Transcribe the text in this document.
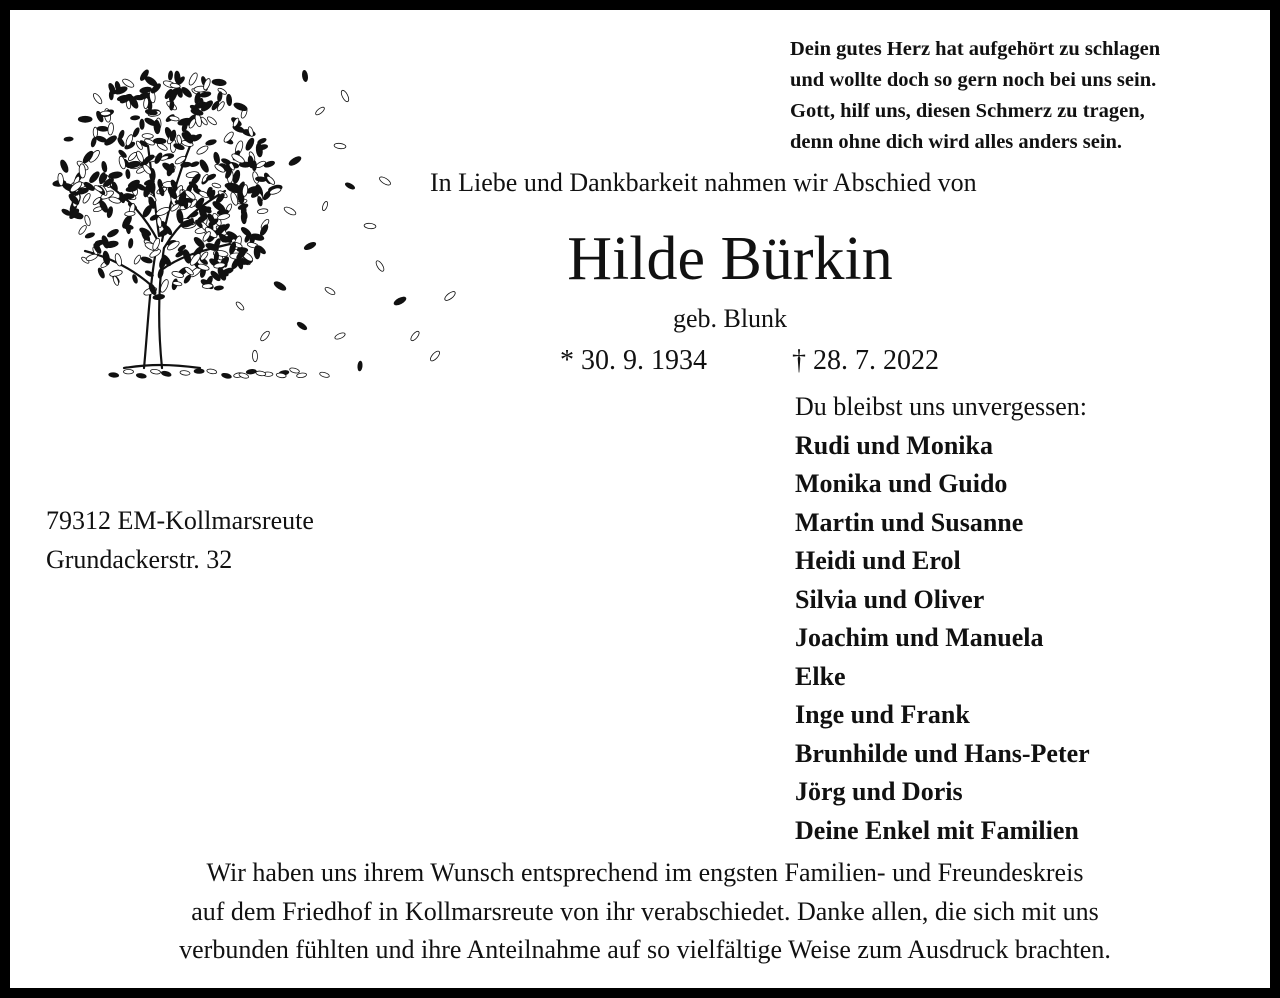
Dein gutes Herz hat aufgehört zu schlagen
und wollte doch so gern noch bei uns sein.
Gott, hilf uns, diesen Schmerz zu tragen,
denn ohne dich wird alles anders sein.
In Liebe und Dankbarkeit nahmen wir Abschied von
Hilde Bürkin
geb. Blunk
* 30. 9. 1934	† 28. 7. 2022
79312 EM-Kollmarsreute
Grundackerstr. 32
Du bleibst uns unvergessen:
Rudi und Monika
Monika und Guido
Martin und Susanne
Heidi und Erol
Silvia und Oliver
Joachim und Manuela
Elke
Inge und Frank
Brunhilde und Hans-Peter
Jörg und Doris
Deine Enkel mit Familien
Wir haben uns ihrem Wunsch entsprechend im engsten Familien- und Freundeskreis
auf dem Friedhof in Kollmarsreute von ihr verabschiedet. Danke allen, die sich mit uns
verbunden fühlten und ihre Anteilnahme auf so vielfältige Weise zum Ausdruck brachten.
